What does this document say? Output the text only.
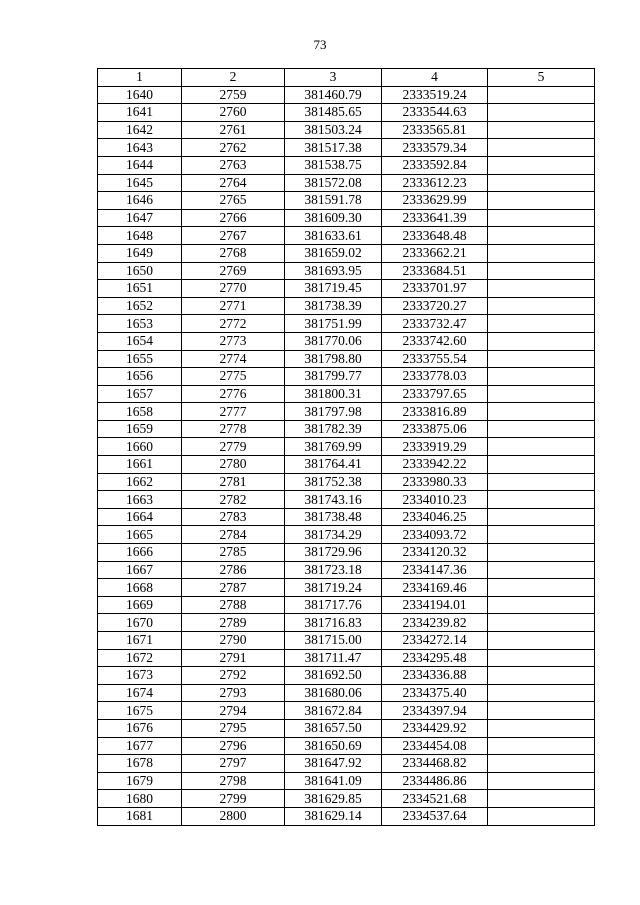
73
1	2	3	4	5
1640	2759	381460.79	2333519.24	
1641	2760	381485.65	2333544.63	
1642	2761	381503.24	2333565.81	
1643	2762	381517.38	2333579.34	
1644	2763	381538.75	2333592.84	
1645	2764	381572.08	2333612.23	
1646	2765	381591.78	2333629.99	
1647	2766	381609.30	2333641.39	
1648	2767	381633.61	2333648.48	
1649	2768	381659.02	2333662.21	
1650	2769	381693.95	2333684.51	
1651	2770	381719.45	2333701.97	
1652	2771	381738.39	2333720.27	
1653	2772	381751.99	2333732.47	
1654	2773	381770.06	2333742.60	
1655	2774	381798.80	2333755.54	
1656	2775	381799.77	2333778.03	
1657	2776	381800.31	2333797.65	
1658	2777	381797.98	2333816.89	
1659	2778	381782.39	2333875.06	
1660	2779	381769.99	2333919.29	
1661	2780	381764.41	2333942.22	
1662	2781	381752.38	2333980.33	
1663	2782	381743.16	2334010.23	
1664	2783	381738.48	2334046.25	
1665	2784	381734.29	2334093.72	
1666	2785	381729.96	2334120.32	
1667	2786	381723.18	2334147.36	
1668	2787	381719.24	2334169.46	
1669	2788	381717.76	2334194.01	
1670	2789	381716.83	2334239.82	
1671	2790	381715.00	2334272.14	
1672	2791	381711.47	2334295.48	
1673	2792	381692.50	2334336.88	
1674	2793	381680.06	2334375.40	
1675	2794	381672.84	2334397.94	
1676	2795	381657.50	2334429.92	
1677	2796	381650.69	2334454.08	
1678	2797	381647.92	2334468.82	
1679	2798	381641.09	2334486.86	
1680	2799	381629.85	2334521.68	
1681	2800	381629.14	2334537.64	
